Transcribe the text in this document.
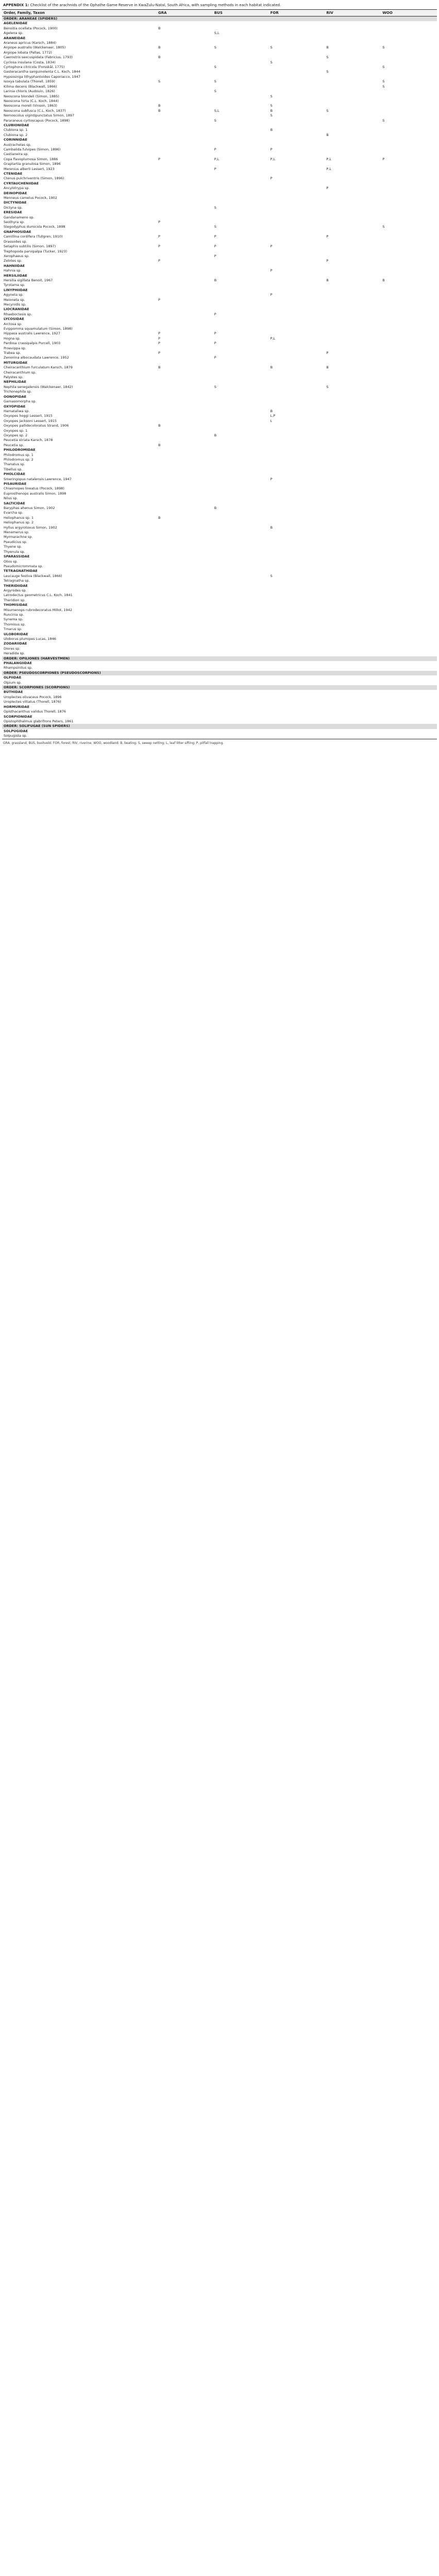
APPENDIX 1: Checklist of the arachnids of the Ophathe Game Reserve in KwaZulu-Natal, South Africa, with sampling methods in each habitat indicated.
Order, Family, Taxon	GRA	BUS	FOR	RIV	WOO
ORDER: ARANEAE (SPIDERS)					
AGELENIDAE					
Benoitia ocellata (Pocock, 1900)	B				
Agelena sp.		S,L			
ARANEIDAE					
Araneus apricus (Karsch, 1884)					
Argiope australis (Walckenaer, 1805)	B	S	S	B	S
Argiope lobata (Pallas, 1772)					
Caerostris sexcuspidata (Fabricius, 1793)	B			S	
Cyclosa insulana (Costa, 1834)			S		
Cyrtophora citricola (Forsskål, 1775)		S			S
Gasteracantha sanguinolenta C.L. Koch, 1844				S	
Hypsosinga lithyphantoides Caporiacco, 1947					
Isoxya tabulata (Thorell, 1859)	S	S			S
Kilima decens (Blackwall, 1866)					S
Larinia chloris (Audouin, 1826)		S			
Neoscona blondeli (Simon, 1885)			S		
Neoscona hirta (C.L. Koch, 1844)					
Neoscona moreli (Vinson, 1863)	B		S		
Neoscona subfusca (C.L. Koch, 1837)	B	S,L	B	S	
Nemoscolus vigintipunctatus Simon, 1897			S		
Pararaneus cyrtoscapus (Pocock, 1898)		S			S
CLUBIONIDAE					
Clubiona sp. 1			B		
Clubiona sp. 2				B	
CORINNIDAE					
Austrachelas sp.					
Cambalida fulvipes (Simon, 1896)		P	P		
Castianeira sp.					
Copa flavoplumosa Simon, 1886	P	P,L	P,L	P,L	P
Graptartia granulosa Simon, 1896					
Merenius alberti Lessert, 1923		P		P,L	
CTENIDAE					
Ctenus pulchriventris (Simon, 1896)			P		
CYRTAUCHENIIDAE					
Ancylotrypa sp.				P	
DEINOPIDAE					
Menneus camelus Pocock, 1902					
DICTYNIDAE					
Dictyna sp.		S			
ERESIDAE					
Gandanameno sp.					
Seothyra sp.	P				
Stegodyphus dumicola Pocock, 1898		S			S
GNAPHOSIDAE					
Camillina cordifera (Tullgren, 1910)	P	P		P	
Drassodes sp.					
Setaphis subtilis (Simon, 1897)	P	P	P		
Trephopoda parvipalpa (Tucker, 1923)					
Xerophaeus sp.		P			
Zelotes sp.	P			P	
HAHNIIDAE					
Hahnia sp.			P		
HERSILIIDAE					
Hersilia sigillata Benoit, 1967		B		B	B
Tyrotama sp.					
LINYPHIIDAE					
Agyneta sp.			P		
Meioneta sp.	P				
Mecynidis sp.					
LIOCRANIDAE					
Rhaeboctesis sp.		P			
LYCOSIDAE					
Arctosa sp.					
Evippomma squamulatum (Simon, 1898)					
Hippasa australis Lawrence, 1927	P	P			
Hogna sp.	P		P,L		
Pardosa crassipalpis Purcell, 1903	P	P			
Proevippa sp.					
Trabea sp.	P			P	
Zenonina albocaudata Lawrence, 1952		P			
MITURGIDAE					
Cheiracanthium furculatum Karsch, 1879	B		B	B	
Cheiracanthium sp.					
Palystes sp.					
NEPHILIDAE					
Nephila senegalensis (Walckenaer, 1842)		S		S	
Trichonephila sp.					
OONOPIDAE					
Gamasomorpha sp.					
OXYOPIDAE					
Hamataliwa sp.			B		
Oxyopes hoggi Lessert, 1915			L,P		
Oxyopes jacksoni Lessert, 1915			L		
Oxyopes pallidecoloratus Strand, 1906	B				
Oxyopes sp. 1					
Oxyopes sp. 2		B			
Peucetia striata Karsch, 1878					
Peucetia sp.	B				
PHILODROMIDAE					
Philodromus sp. 1					
Philodromus sp. 2					
Thanatus sp.					
Tibellus sp.					
PHOLCIDAE					
Smeringopus natalensis Lawrence, 1947			P		
PISAURIDAE					
Chiasmopes lineatus (Pocock, 1898)					
Euprosthenops australis Simon, 1898					
Nilus sp.					
SALTICIDAE					
Baryphas ahenus Simon, 1902		B			
Evarcha sp.					
Heliophanus sp. 1	B				
Heliophanus sp. 2					
Hyllus argyrotoxus Simon, 1902			B		
Menemerus sp.					
Myrmarachne sp.					
Pseudicius sp.					
Thyene sp.					
Thyenula sp.					
SPARASSIDAE					
Olios sp.					
Pseudomicrommata sp.					
TETRAGNATHIDAE					
Leucauge festiva (Blackwall, 1866)			S		
Tetragnatha sp.					
THERIDIIDAE					
Argyrodes sp.					
Latrodectus geometricus C.L. Koch, 1841					
Theridion sp.					
THOMISIDAE					
Misumenops rubrodecoratus Millot, 1942					
Runcinia sp.					
Synema sp.					
Thomisus sp.					
Tmarus sp.					
ULOBORIDAE					
Uloborus plumipes Lucas, 1846					
ZODARIIDAE					
Diores sp.					
Heradida sp.					
ORDER: OPILIONES (HARVESTMEN)					
PHALANGIIDAE					
Rhampsinitus sp.					
ORDER: PSEUDOSCORPIONES (PSEUDOSCORPIONS)					
OLPIIDAE					
Olpium sp.					
ORDER: SCORPIONES (SCORPIONS)					
BUTHIDAE					
Uroplectes olivaceus Pocock, 1896					
Uroplectes vittatus (Thorell, 1876)					
HORMURIDAE					
Opisthacanthus validus Thorell, 1876					
SCORPIONIDAE					
Opistophthalmus glabrifrons Peters, 1861					
ORDER: SOLIFUGAE (SUN SPIDERS)					
SOLPUGIDAE					
Solpugista sp.					
GRA, grassland; BUS, bushveld; FOR, forest; RIV, riverine; WOO, woodland; B, beating; S, sweep netting; L, leaf litter sifting; P, pitfall trapping.
